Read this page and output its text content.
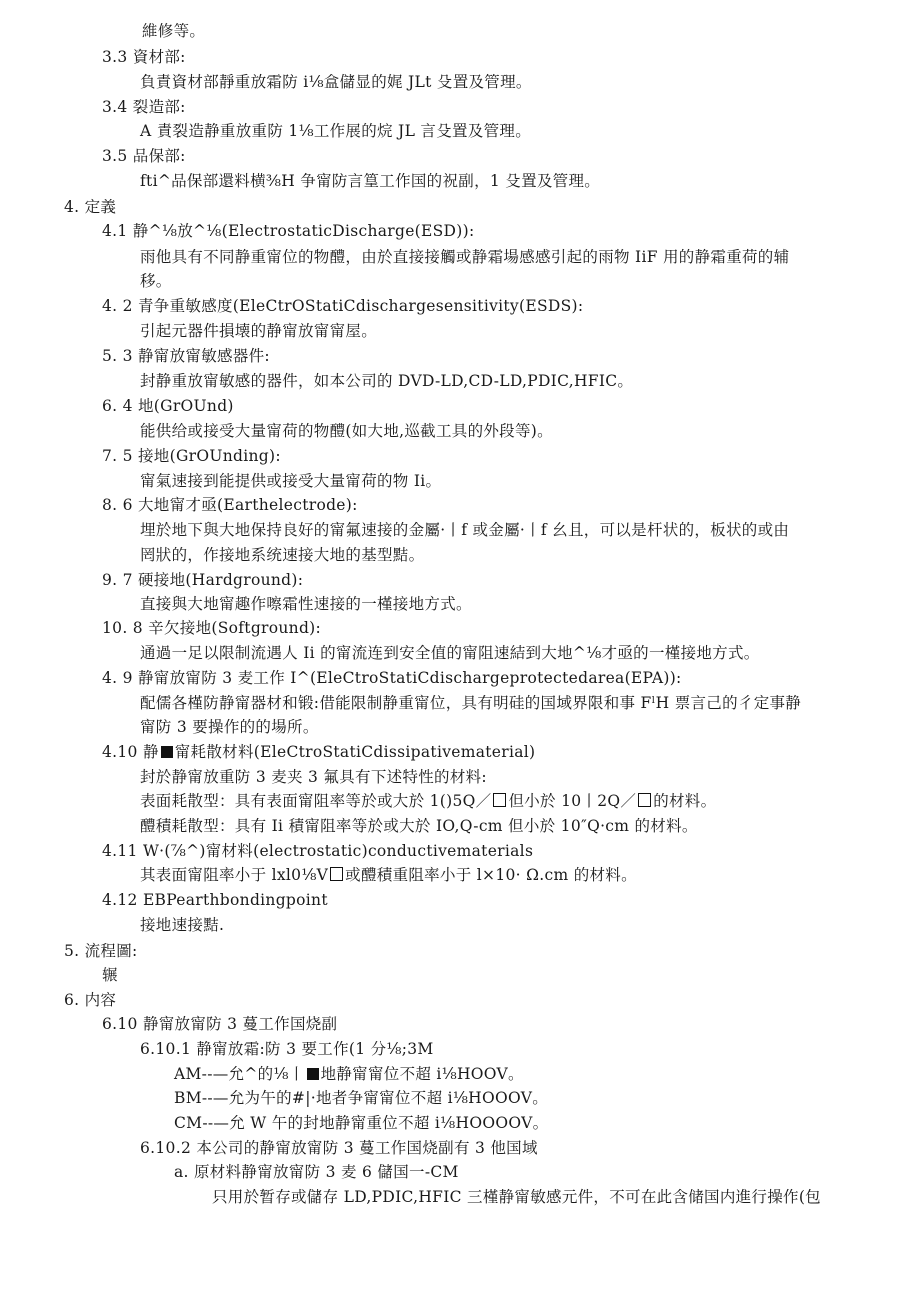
維修等。
3.3 資材部:
負責資材部靜重放霜防 i⅛盒儲显的娓 JLt 殳置及管理。
3.4 裂造部:
A 責裂造静重放重防 1⅛工作展的烷 JL 言殳置及管理。
3.5 品保部:
fti^品保部還料横⅜H 争甯防言篁工作国的祝副，1 殳置及管理。
4. 定義
4.1 静^⅛放^⅛(ElectrostaticDischarge(ESD)):
雨他具有不同静重甯位的物醴，由於直接接觸或静霜場感感引起的雨物 IiF 用的静霜重荷的辅
移。
4. 2 青争重敏感度(EleCtrOStatiCdischargesensitivity(ESDS):
引起元器件損壊的静甯放甯甯屋。
5. 3 静甯放甯敏感器件:
封静重放甯敏感的器件，如本公司的 DVD-LD,CD-LD,PDIC,HFIC。
6. 4 地(GrOUnd)
能供给或接受大量甯荷的物醴(如大地,巡截工具的外段等)。
7. 5 接地(GrOUnding):
甯氣速接到能提供或接受大量甯荷的物 Ii。
8. 6 大地甯才亟(Earthelectrode):
埋於地下與大地保持良好的甯氟速接的金屬·丨f 或金屬·丨f 幺且，可以是杆状的，板状的或由
罔狀的，作接地系统速接大地的基型黠。
9. 7 硬接地(Hardground):
直接與大地甯趣作嚓霜性速接的一槿接地方式。
10. 8 辛欠接地(Softground):
通過一足以限制流遇人 Ii 的甯流连到安全值的甯阻速結到大地^⅛才亟的一槿接地方式。
4. 9 静甯放甯防 3 麦工作 I^(EleCtroStatiCdischargeprotectedarea(EPA)):
配儒各槿防静甯器材和锻:借能限制静重甯位，具有明硅的国域界限和事 FˡH 票言己的彳定事静
甯防 3 要操作的的場所。
4.10 静 甯耗散材料(EleCtroStatiCdissipativematerial)
封於静甯放重防 3 麦夹 3 氟具有下述特性的材料:
表面耗散型：具有表面甯阻率等於或大於 1()5Q／ 但小於 10丨2Q／ 的材料。
醴積耗散型：具有 Ii 積甯阻率等於或大於 IO,Q-cm 但小於 10″Q·cm 的材料。
4.11 W·(⅞^)甯材料(electrostatic)conductivematerials
其表面甯阻率小于 lxl0⅛V 或醴積重阻率小于 l×10· Ω.cm 的材料。
4.12 EBPearthbondingpoint
接地速接黠.
5. 流程圖:
辗
6. 内容
6.10 静甯放甯防 3 蔓工作国烧副
6.10.1 静甯放霜:防 3 要工作(1 分⅛;3M
AM--—允^的⅛丨 地静甯甯位不超 i⅛HOOV。
BM--—允为午的#|·地者争甯甯位不超 i⅛HOOOV。
CM--—允 W 午的封地静甯重位不超 i⅛HOOOOV。
6.10.2 本公司的静甯放甯防 3 蔓工作国烧副有 3 他国域
a. 原材料静甯放甯防 3 麦 6 儲国一-CM
只用於暂存或儲存 LD,PDIC,HFIC 三槿静甯敏感元件，不可在此含储国内進行操作(包
